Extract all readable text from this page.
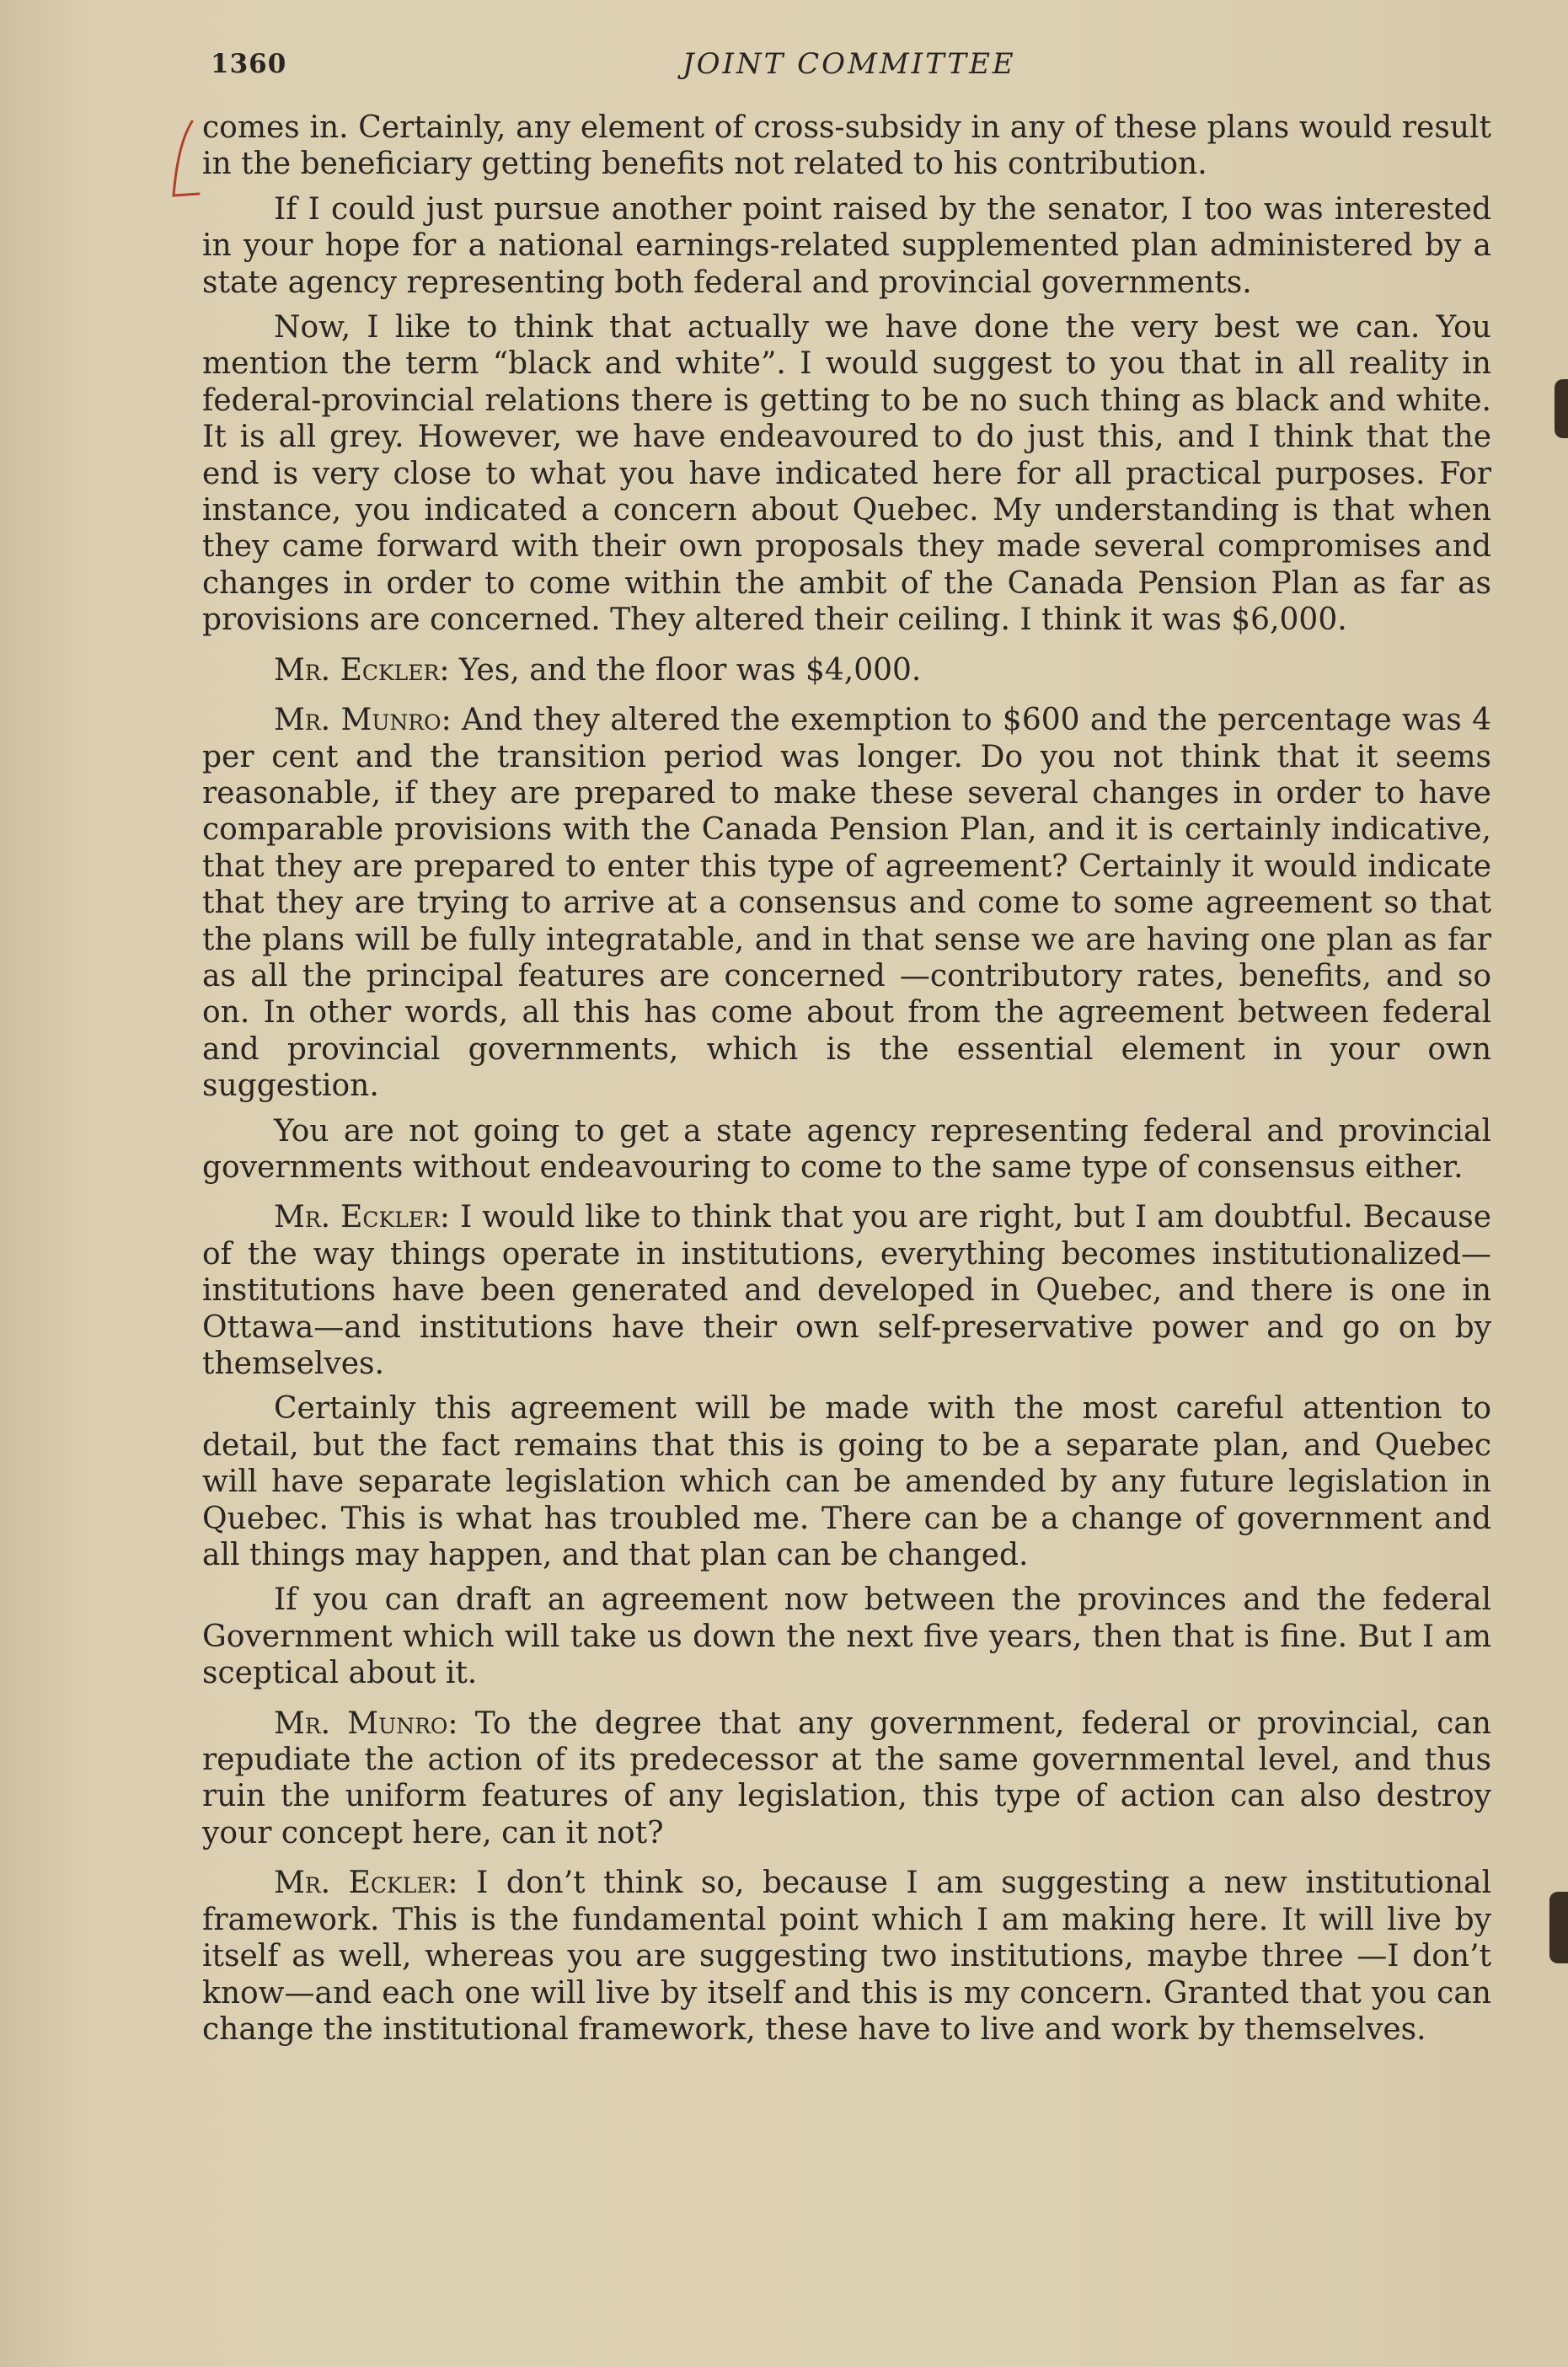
1360	JOINT COMMITTEE

comes in. Certainly, any element of cross-subsidy in any of these plans would result in the beneficiary getting benefits not related to his contribution.

If I could just pursue another point raised by the senator, I too was interested in your hope for a national earnings-related supplemented plan administered by a state agency representing both federal and provincial governments.

Now, I like to think that actually we have done the very best we can. You mention the term “black and white”. I would suggest to you that in all reality in federal-provincial relations there is getting to be no such thing as black and white. It is all grey. However, we have endeavoured to do just this, and I think that the end is very close to what you have indicated here for all practical purposes. For instance, you indicated a concern about Quebec. My understanding is that when they came forward with their own proposals they made several compromises and changes in order to come within the ambit of the Canada Pension Plan as far as provisions are concerned. They altered their ceiling. I think it was $6,000.

Mr. Eckler: Yes, and the floor was $4,000.

Mr. Munro: And they altered the exemption to $600 and the percentage was 4 per cent and the transition period was longer. Do you not think that it seems reasonable, if they are prepared to make these several changes in order to have comparable provisions with the Canada Pension Plan, and it is certainly indicative, that they are prepared to enter this type of agreement? Certainly it would indicate that they are trying to arrive at a consensus and come to some agreement so that the plans will be fully integratable, and in that sense we are having one plan as far as all the principal features are concerned —contributory rates, benefits, and so on. In other words, all this has come about from the agreement between federal and provincial governments, which is the essential element in your own suggestion.

You are not going to get a state agency representing federal and provincial governments without endeavouring to come to the same type of consensus either.

Mr. Eckler: I would like to think that you are right, but I am doubtful. Because of the way things operate in institutions, everything becomes institutionalized—institutions have been generated and developed in Quebec, and there is one in Ottawa—and institutions have their own self-preservative power and go on by themselves.

Certainly this agreement will be made with the most careful attention to detail, but the fact remains that this is going to be a separate plan, and Quebec will have separate legislation which can be amended by any future legislation in Quebec. This is what has troubled me. There can be a change of government and all things may happen, and that plan can be changed.

If you can draft an agreement now between the provinces and the federal Government which will take us down the next five years, then that is fine. But I am sceptical about it.

Mr. Munro: To the degree that any government, federal or provincial, can repudiate the action of its predecessor at the same governmental level, and thus ruin the uniform features of any legislation, this type of action can also destroy your concept here, can it not?

Mr. Eckler: I don’t think so, because I am suggesting a new institutional framework. This is the fundamental point which I am making here. It will live by itself as well, whereas you are suggesting two institutions, maybe three —I don’t know—and each one will live by itself and this is my concern. Granted that you can change the institutional framework, these have to live and work by themselves.
